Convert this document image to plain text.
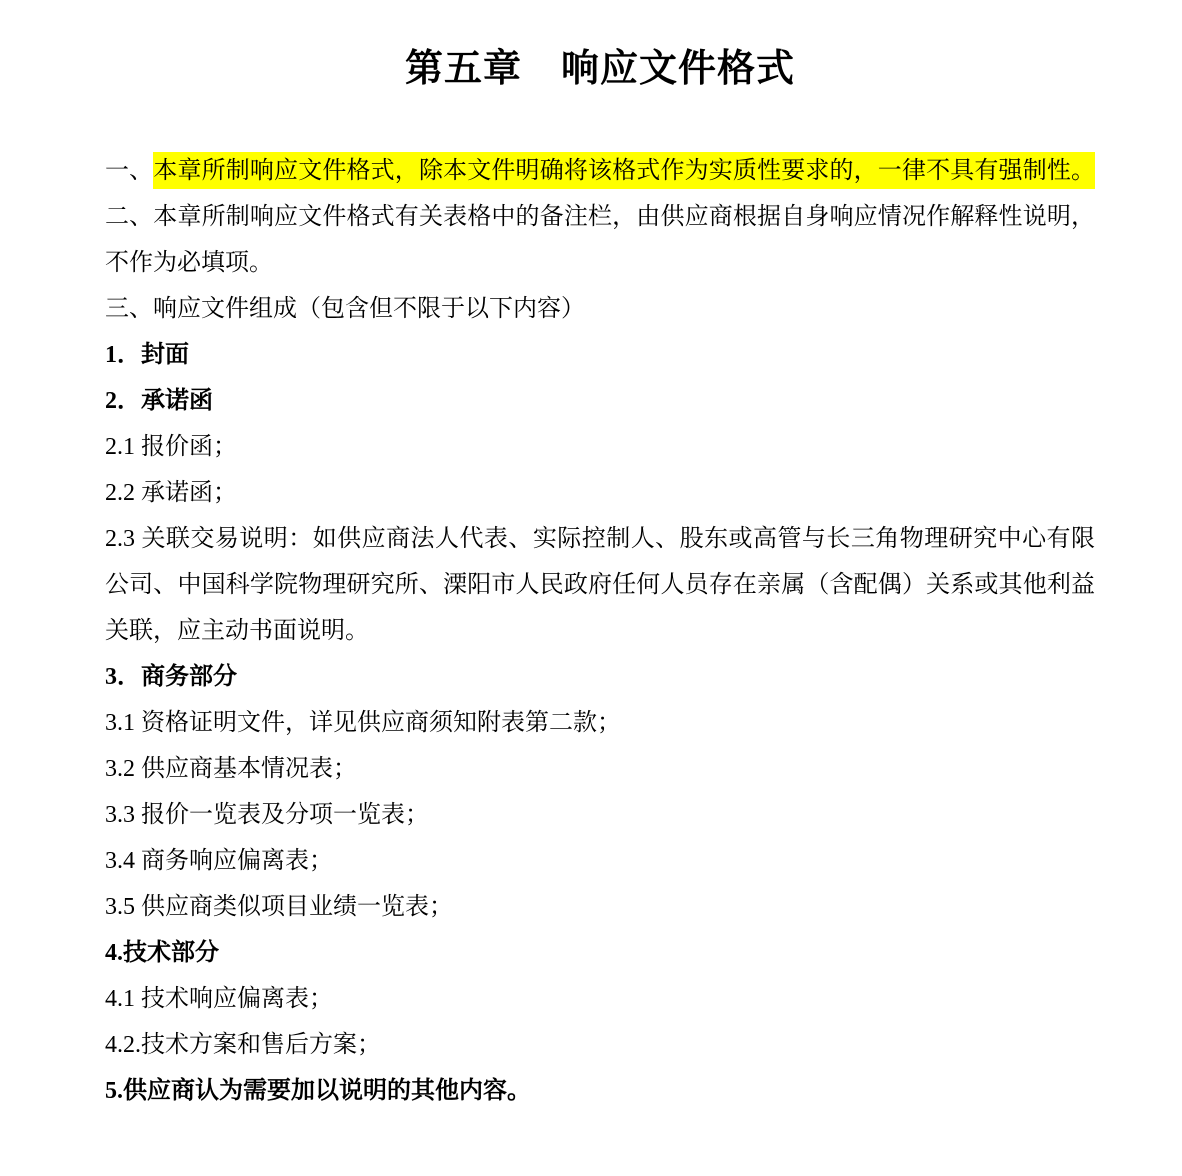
第五章　响应文件格式

一、本章所制响应文件格式，除本文件明确将该格式作为实质性要求的，一律不具有强制性。

二、本章所制响应文件格式有关表格中的备注栏，由供应商根据自身响应情况作解释性说明，不作为必填项。

三、响应文件组成（包含但不限于以下内容）

1．封面

2．承诺函

2.1 报价函；

2.2 承诺函；

2.3 关联交易说明：如供应商法人代表、实际控制人、股东或高管与长三角物理研究中心有限公司、中国科学院物理研究所、溧阳市人民政府任何人员存在亲属（含配偶）关系或其他利益关联，应主动书面说明。

3．商务部分

3.1 资格证明文件，详见供应商须知附表第二款；

3.2 供应商基本情况表；

3.3 报价一览表及分项一览表；

3.4 商务响应偏离表；

3.5 供应商类似项目业绩一览表；

4.技术部分

4.1 技术响应偏离表；

4.2.技术方案和售后方案；

5.供应商认为需要加以说明的其他内容。
